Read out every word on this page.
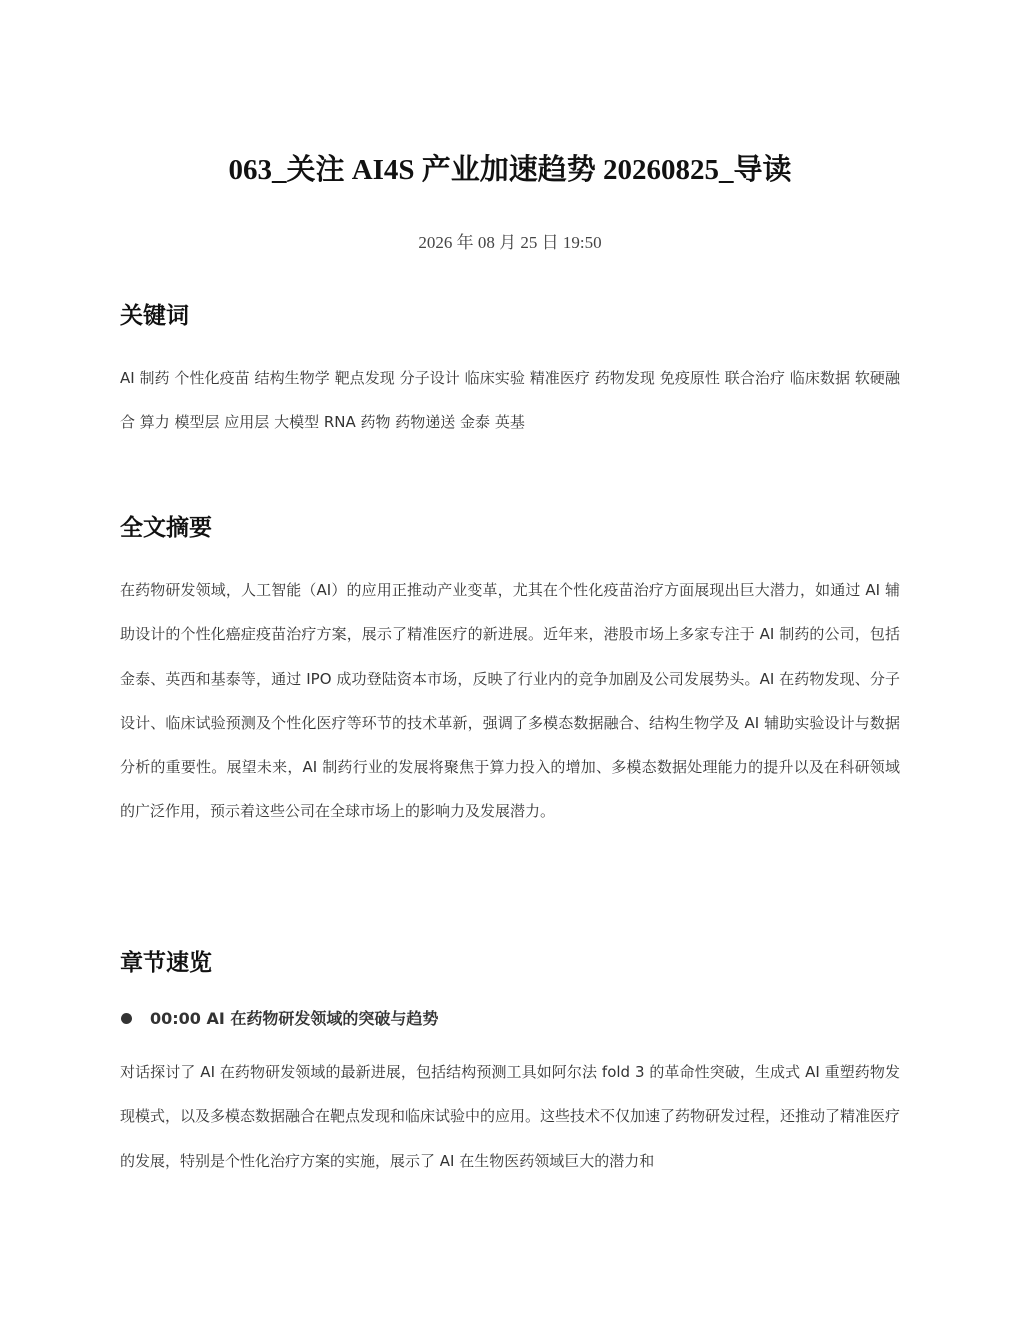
063_关注 AI4S 产业加速趋势 20260825_导读
2026 年 08 月 25 日 19:50
关键词

AI 制药 个性化疫苗 结构生物学 靶点发现 分子设计 临床实验 精准医疗 药物发现 免疫原性 联合治疗 临床数据 软硬融合 算力 模型层 应用层 大模型 RNA 药物 药物递送 金泰 英基

全文摘要

在药物研发领域，人工智能（AI）的应用正推动产业变革，尤其在个性化疫苗治疗方面展现出巨大潜力，如通过 AI 辅助设计的个性化癌症疫苗治疗方案，展示了精准医疗的新进展。近年来，港股市场上多家专注于 AI 制药的公司，包括金泰、英西和基泰等，通过 IPO 成功登陆资本市场，反映了行业内的竞争加剧及公司发展势头。AI 在药物发现、分子设计、临床试验预测及个性化医疗等环节的技术革新，强调了多模态数据融合、结构生物学及 AI 辅助实验设计与数据分析的重要性。展望未来，AI 制药行业的发展将聚焦于算力投入的增加、多模态数据处理能力的提升以及在科研领域的广泛作用，预示着这些公司在全球市场上的影响力及发展潜力。

章节速览
00:00 AI 在药物研发领域的突破与趋势

对话探讨了 AI 在药物研发领域的最新进展，包括结构预测工具如阿尔法 fold 3 的革命性突破，生成式 AI 重塑药物发现模式，以及多模态数据融合在靶点发现和临床试验中的应用。这些技术不仅加速了药物研发过程，还推动了精准医疗的发展，特别是个性化治疗方案的实施，展示了 AI 在生物医药领域巨大的潜力和
